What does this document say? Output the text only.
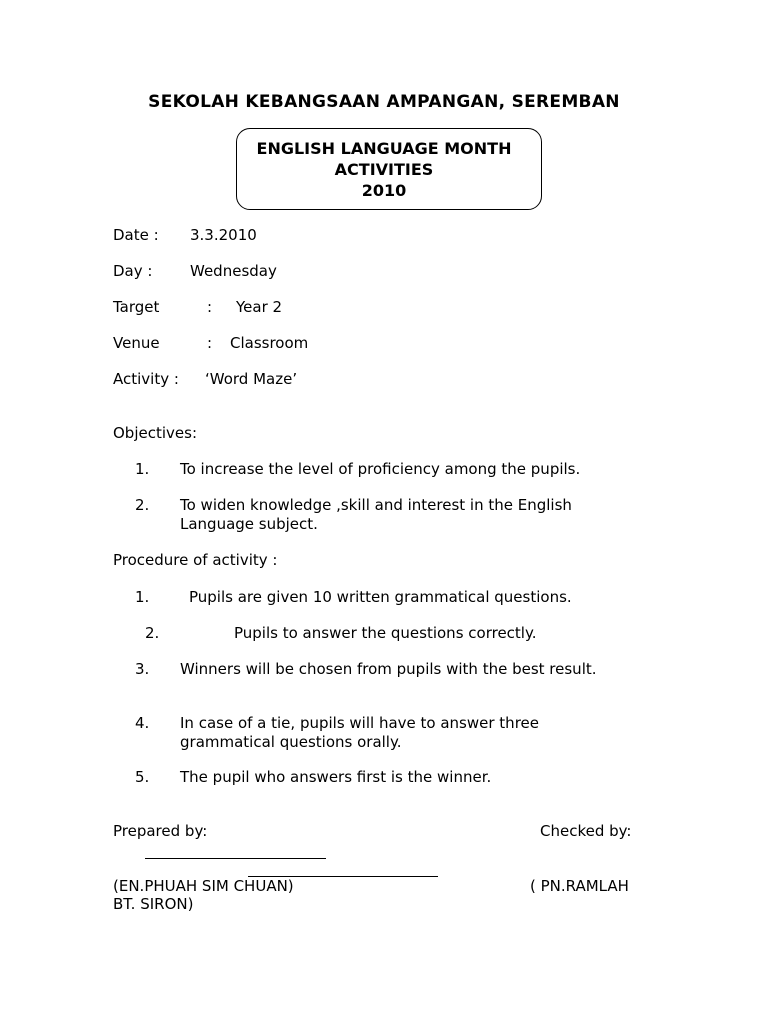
SEKOLAH KEBANGSAAN AMPANGAN, SEREMBAN
ENGLISH LANGUAGE MONTH
ACTIVITIES
2010
Date : 3.3.2010
Day :	Wednesday
Target	: Year 2
Venue	: Classroom
Activity : ‘Word Maze’
Objectives:
1. To increase the level of proficiency among the pupils.
2. To widen knowledge ,skill and interest in the English Language subject.
Procedure of activity :
1.	Pupils are given 10 written grammatical questions.
2.	Pupils to answer the questions correctly.
3. Winners will be chosen from pupils with the best result.
4. In case of a tie, pupils will have to answer three grammatical questions orally.
5. The pupil who answers first is the winner.
Prepared by:	Checked by:
(EN.PHUAH SIM CHUAN)	( PN.RAMLAH
BT. SIRON)
